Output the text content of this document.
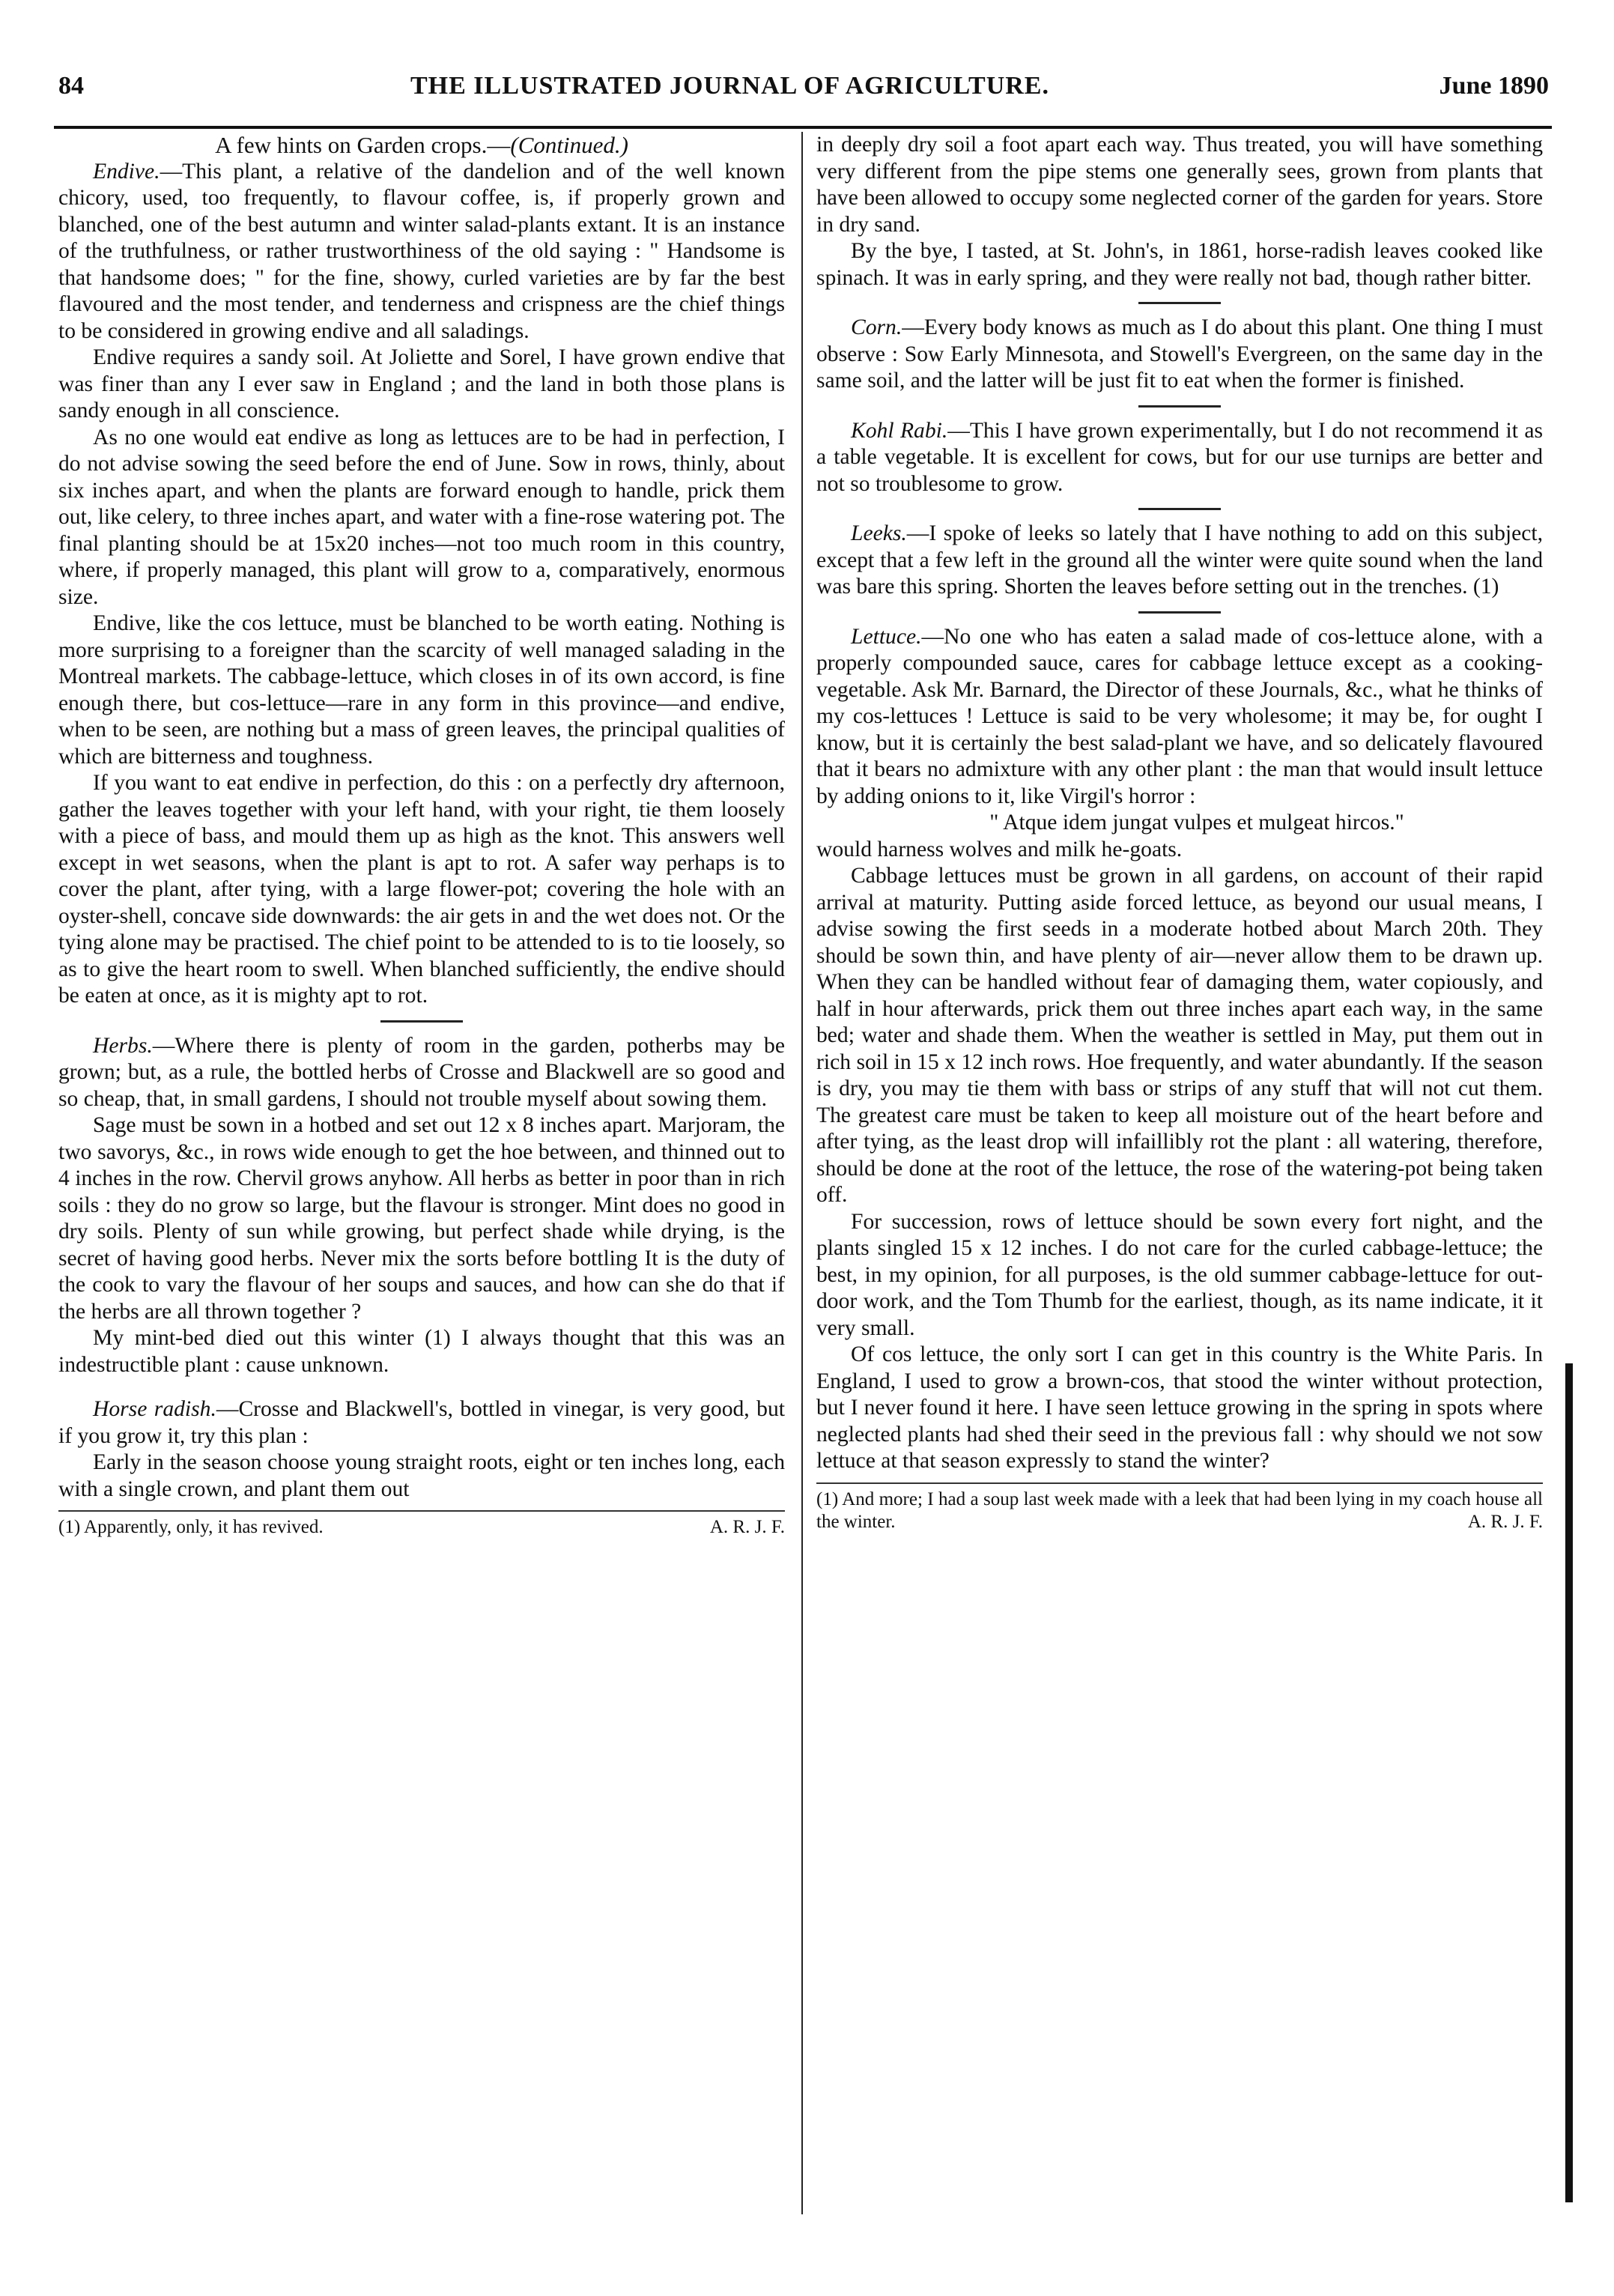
84	THE ILLUSTRATED JOURNAL OF AGRICULTURE.	June 1890
A few hints on Garden crops.—(Continued.)

Endive.—This plant, a relative of the dandelion and of the well known chicory, used, too frequently, to flavour coffee, is, if properly grown and blanched, one of the best autumn and winter salad-plants extant. It is an instance of the truthfulness, or rather trustworthiness of the old saying : " Handsome is that handsome does; " for the fine, showy, curled varieties are by far the best flavoured and the most tender, and tenderness and crispness are the chief things to be considered in growing endive and all saladings.

Endive requires a sandy soil. At Joliette and Sorel, I have grown endive that was finer than any I ever saw in England ; and the land in both those plans is sandy enough in all conscience.

As no one would eat endive as long as lettuces are to be had in perfection, I do not advise sowing the seed before the end of June. Sow in rows, thinly, about six inches apart, and when the plants are forward enough to handle, prick them out, like celery, to three inches apart, and water with a fine-rose watering pot. The final planting should be at 15x20 inches—not too much room in this country, where, if properly managed, this plant will grow to a, comparatively, enormous size.

Endive, like the cos lettuce, must be blanched to be worth eating. Nothing is more surprising to a foreigner than the scarcity of well managed salading in the Montreal markets. The cabbage-lettuce, which closes in of its own accord, is fine enough there, but cos-lettuce—rare in any form in this province—and endive, when to be seen, are nothing but a mass of green leaves, the principal qualities of which are bitterness and toughness.

If you want to eat endive in perfection, do this : on a perfectly dry afternoon, gather the leaves together with your left hand, with your right, tie them loosely with a piece of bass, and mould them up as high as the knot. This answers well except in wet seasons, when the plant is apt to rot. A safer way perhaps is to cover the plant, after tying, with a large flower-pot; covering the hole with an oyster-shell, concave side downwards: the air gets in and the wet does not. Or the tying alone may be practised. The chief point to be attended to is to tie loosely, so as to give the heart room to swell. When blanched sufficiently, the endive should be eaten at once, as it is mighty apt to rot.

Herbs.—Where there is plenty of room in the garden, potherbs may be grown; but, as a rule, the bottled herbs of Crosse and Blackwell are so good and so cheap, that, in small gardens, I should not trouble myself about sowing them.

Sage must be sown in a hotbed and set out 12 x 8 inches apart. Marjoram, the two savorys, &c., in rows wide enough to get the hoe between, and thinned out to 4 inches in the row. Chervil grows anyhow. All herbs as better in poor than in rich soils : they do no grow so large, but the flavour is stronger. Mint does no good in dry soils. Plenty of sun while growing, but perfect shade while drying, is the secret of having good herbs. Never mix the sorts before bottling It is the duty of the cook to vary the flavour of her soups and sauces, and how can she do that if the herbs are all thrown together ?

My mint-bed died out this winter (1) I always thought that this was an indestructible plant : cause unknown.

Horse radish.—Crosse and Blackwell's, bottled in vinegar, is very good, but if you grow it, try this plan :

Early in the season choose young straight roots, eight or ten inches long, each with a single crown, and plant them out

(1) Apparently, only, it has revived.	A. R. J. F.

in deeply dry soil a foot apart each way. Thus treated, you will have something very different from the pipe stems one generally sees, grown from plants that have been allowed to occupy some neglected corner of the garden for years. Store in dry sand.

By the bye, I tasted, at St. John's, in 1861, horse-radish leaves cooked like spinach. It was in early spring, and they were really not bad, though rather bitter.

Corn.—Every body knows as much as I do about this plant. One thing I must observe : Sow Early Minnesota, and Stowell's Evergreen, on the same day in the same soil, and the latter will be just fit to eat when the former is finished.

Kohl Rabi.—This I have grown experimentally, but I do not recommend it as a table vegetable. It is excellent for cows, but for our use turnips are better and not so troublesome to grow.

Leeks.—I spoke of leeks so lately that I have nothing to add on this subject, except that a few left in the ground all the winter were quite sound when the land was bare this spring. Shorten the leaves before setting out in the trenches. (1)

Lettuce.—No one who has eaten a salad made of cos-lettuce alone, with a properly compounded sauce, cares for cabbage lettuce except as a cooking-vegetable. Ask Mr. Barnard, the Director of these Journals, &c., what he thinks of my cos-lettuces ! Lettuce is said to be very wholesome; it may be, for ought I know, but it is certainly the best salad-plant we have, and so delicately flavoured that it bears no admixture with any other plant : the man that would insult lettuce by adding onions to it, like Virgil's horror :

" Atque idem jungat vulpes et mulgeat hircos."

would harness wolves and milk he-goats.

Cabbage lettuces must be grown in all gardens, on account of their rapid arrival at maturity. Putting aside forced lettuce, as beyond our usual means, I advise sowing the first seeds in a moderate hotbed about March 20th. They should be sown thin, and have plenty of air—never allow them to be drawn up. When they can be handled without fear of damaging them, water copiously, and half in hour afterwards, prick them out three inches apart each way, in the same bed; water and shade them. When the weather is settled in May, put them out in rich soil in 15 x 12 inch rows. Hoe frequently, and water abundantly. If the season is dry, you may tie them with bass or strips of any stuff that will not cut them. The greatest care must be taken to keep all moisture out of the heart before and after tying, as the least drop will infaillibly rot the plant : all watering, therefore, should be done at the root of the lettuce, the rose of the watering-pot being taken off.

For succession, rows of lettuce should be sown every fort night, and the plants singled 15 x 12 inches. I do not care for the curled cabbage-lettuce; the best, in my opinion, for all purposes, is the old summer cabbage-lettuce for out-door work, and the Tom Thumb for the earliest, though, as its name indicate, it it very small.

Of cos lettuce, the only sort I can get in this country is the White Paris. In England, I used to grow a brown-cos, that stood the winter without protection, but I never found it here. I have seen lettuce growing in the spring in spots where neglected plants had shed their seed in the previous fall : why should we not sow lettuce at that season expressly to stand the winter?

(1) And more; I had a soup last week made with a leek that had been lying in my coach house all the winter.	A. R. J. F.
